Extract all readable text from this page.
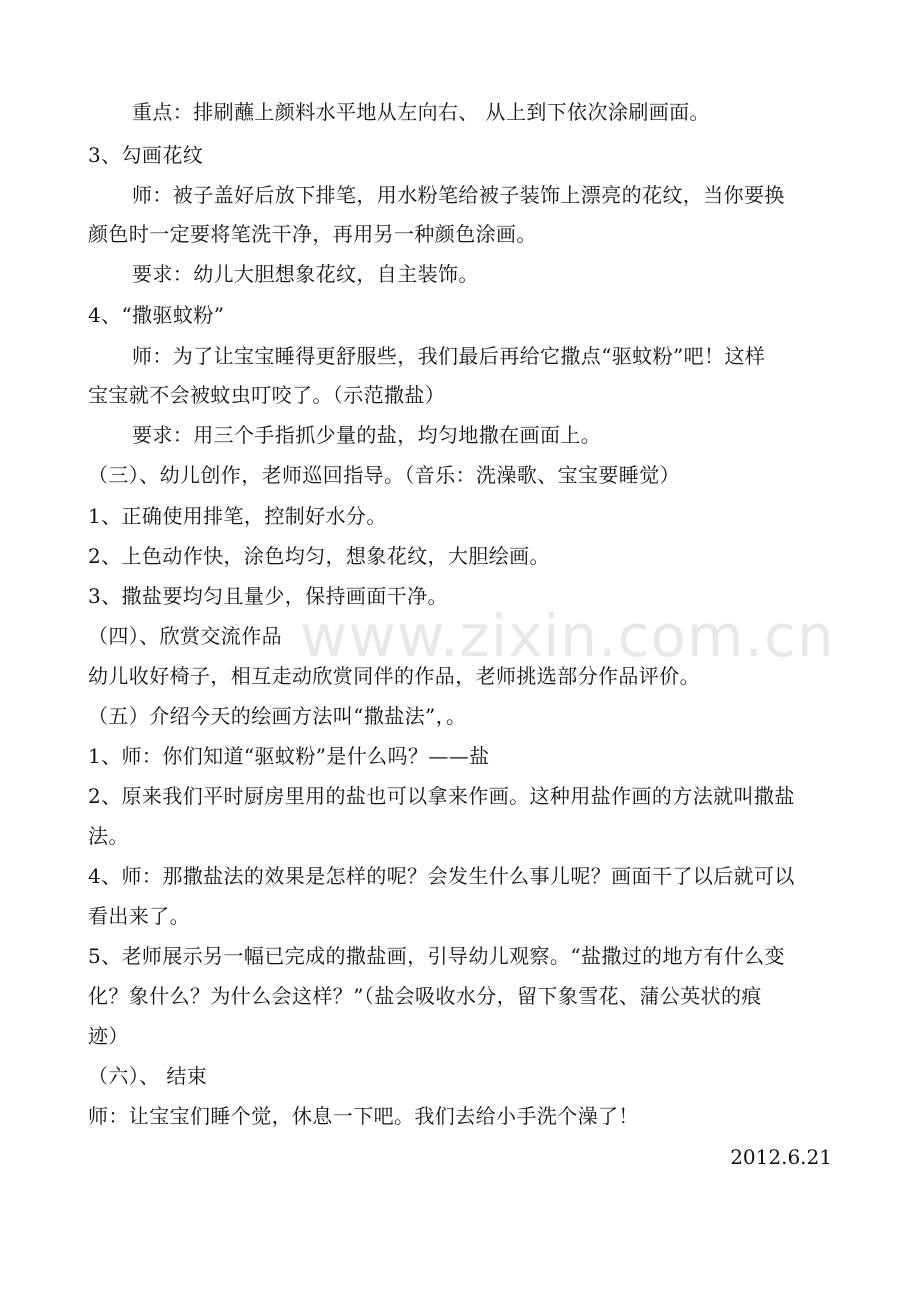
重点：排刷蘸上颜料水平地从左向右、 从上到下依次涂刷画面。
3、勾画花纹
师：被子盖好后放下排笔，用水粉笔给被子装饰上漂亮的花纹，当你要换
颜色时一定要将笔洗干净，再用另一种颜色涂画。
要求：幼儿大胆想象花纹，自主装饰。
4、“撒驱蚊粉”
师：为了让宝宝睡得更舒服些，我们最后再给它撒点“驱蚊粉”吧！这样
宝宝就不会被蚊虫叮咬了。（示范撒盐）
要求：用三个手指抓少量的盐，均匀地撒在画面上。
（三）、幼儿创作，老师巡回指导。（音乐：洗澡歌、宝宝要睡觉）
1、正确使用排笔，控制好水分。
2、上色动作快，涂色均匀，想象花纹，大胆绘画。
3、撒盐要均匀且量少，保持画面干净。
（四）、欣赏交流作品
幼儿收好椅子，相互走动欣赏同伴的作品，老师挑选部分作品评价。
（五）介绍今天的绘画方法叫“撒盐法”，。
1、师：你们知道“驱蚊粉”是什么吗？——盐
2、原来我们平时厨房里用的盐也可以拿来作画。这种用盐作画的方法就叫撒盐
法。
4、师：那撒盐法的效果是怎样的呢？会发生什么事儿呢？画面干了以后就可以
看出来了。
5、老师展示另一幅已完成的撒盐画，引导幼儿观察。“盐撒过的地方有什么变
化？象什么？为什么会这样？”（盐会吸收水分，留下象雪花、蒲公英状的痕
迹）
（六）、 结束
师：让宝宝们睡个觉，休息一下吧。我们去给小手洗个澡了！
2012.6.21
www.zixin.com.cn
